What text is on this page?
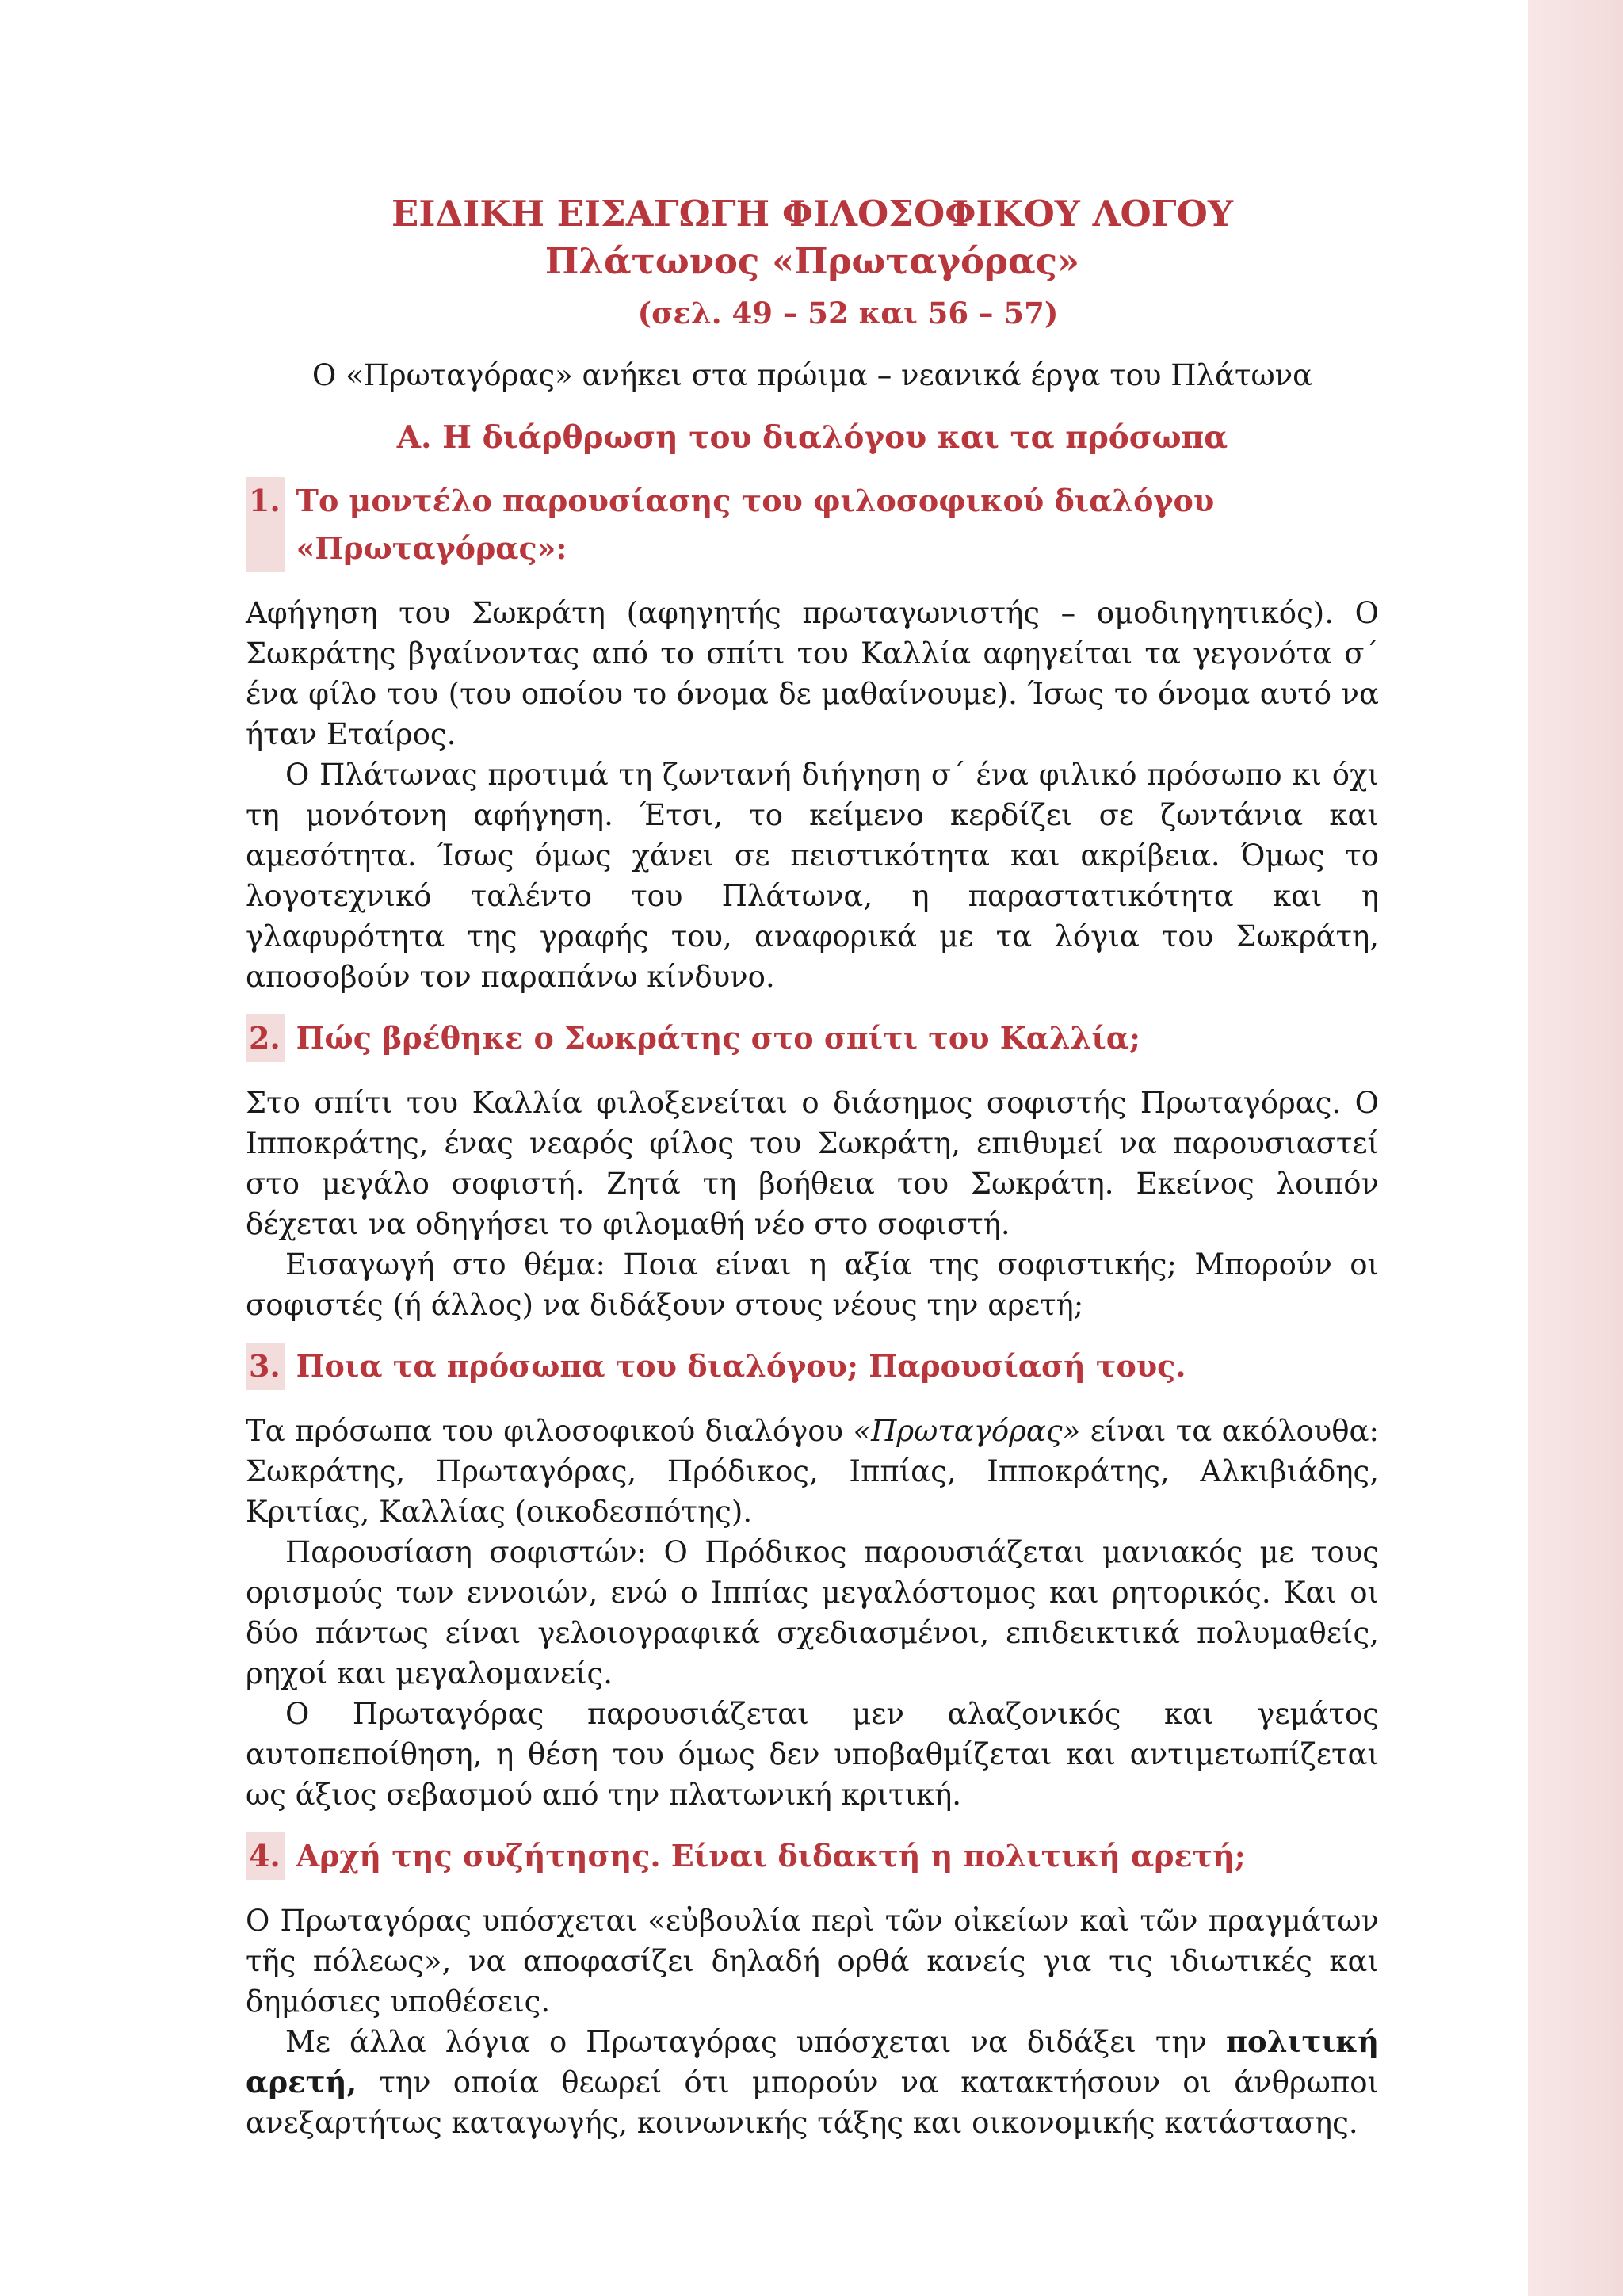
ΕΙΔΙΚΗ ΕΙΣΑΓΩΓΗ ΦΙΛΟΣΟΦΙΚΟΥ ΛΟΓΟΥ
Πλάτωνος «Πρωταγόρας»
(σελ. 49 – 52 και 56 – 57)

Ο «Πρωταγόρας» ανήκει στα πρώιμα – νεανικά έργα του Πλάτωνα

Α. Η διάρθρωση του διαλόγου και τα πρόσωπα
1. Το μοντέλο παρουσίασης του φιλοσοφικού διαλόγου «Πρωταγόρας»:

Αφήγηση του Σωκράτη (αφηγητής πρωταγωνιστής – ομοδιηγητικός). Ο Σωκράτης βγαίνοντας από το σπίτι του Καλλία αφηγείται τα γεγονότα σ΄ ένα φίλο του (του οποίου το όνομα δε μαθαίνουμε). Ίσως το όνομα αυτό να ήταν Εταίρος.

Ο Πλάτωνας προτιμά τη ζωντανή διήγηση σ΄ ένα φιλικό πρόσωπο κι όχι τη μονότονη αφήγηση. Έτσι, το κείμενο κερδίζει σε ζωντάνια και αμεσότητα. Ίσως όμως χάνει σε πειστικότητα και ακρίβεια. Όμως το λογοτεχνικό ταλέντο του Πλάτωνα, η παραστατικότητα και η γλαφυρότητα της γραφής του, αναφορικά με τα λόγια του Σωκράτη, αποσοβούν τον παραπάνω κίνδυνο.

2. Πώς βρέθηκε ο Σωκράτης στο σπίτι του Καλλία;

Στο σπίτι του Καλλία φιλοξενείται ο διάσημος σοφιστής Πρωταγόρας. Ο Ιπποκράτης, ένας νεαρός φίλος του Σωκράτη, επιθυμεί να παρουσιαστεί στο μεγάλο σοφιστή. Ζητά τη βοήθεια του Σωκράτη. Εκείνος λοιπόν δέχεται να οδηγήσει το φιλομαθή νέο στο σοφιστή.

Εισαγωγή στο θέμα: Ποια είναι η αξία της σοφιστικής; Μπορούν οι σοφιστές (ή άλλος) να διδάξουν στους νέους την αρετή;

3. Ποια τα πρόσωπα του διαλόγου; Παρουσίασή τους.

Τα πρόσωπα του φιλοσοφικού διαλόγου «Πρωταγόρας» είναι τα ακόλουθα: Σωκράτης, Πρωταγόρας, Πρόδικος, Ιππίας, Ιπποκράτης, Αλκιβιάδης, Κριτίας, Καλλίας (οικοδεσπότης).

Παρουσίαση σοφιστών: Ο Πρόδικος παρουσιάζεται μανιακός με τους ορισμούς των εννοιών, ενώ ο Ιππίας μεγαλόστομος και ρητορικός. Και οι δύο πάντως είναι γελοιογραφικά σχεδιασμένοι, επιδεικτικά πολυμαθείς, ρηχοί και μεγαλομανείς.

Ο Πρωταγόρας παρουσιάζεται μεν αλαζονικός και γεμάτος αυτοπεποίθηση, η θέση του όμως δεν υποβαθμίζεται και αντιμετωπίζεται ως άξιος σεβασμού από την πλατωνική κριτική.

4. Αρχή της συζήτησης. Είναι διδακτή η πολιτική αρετή;

Ο Πρωταγόρας υπόσχεται «εὐβουλία περὶ τῶν οἰκείων καὶ τῶν πραγμάτων τῆς πόλεως», να αποφασίζει δηλαδή ορθά κανείς για τις ιδιωτικές και δημόσιες υποθέσεις.

Με άλλα λόγια ο Πρωταγόρας υπόσχεται να διδάξει την πολιτική αρετή, την οποία θεωρεί ότι μπορούν να κατακτήσουν οι άνθρωποι ανεξαρτήτως καταγωγής, κοινωνικής τάξης και οικονομικής κατάστασης.
